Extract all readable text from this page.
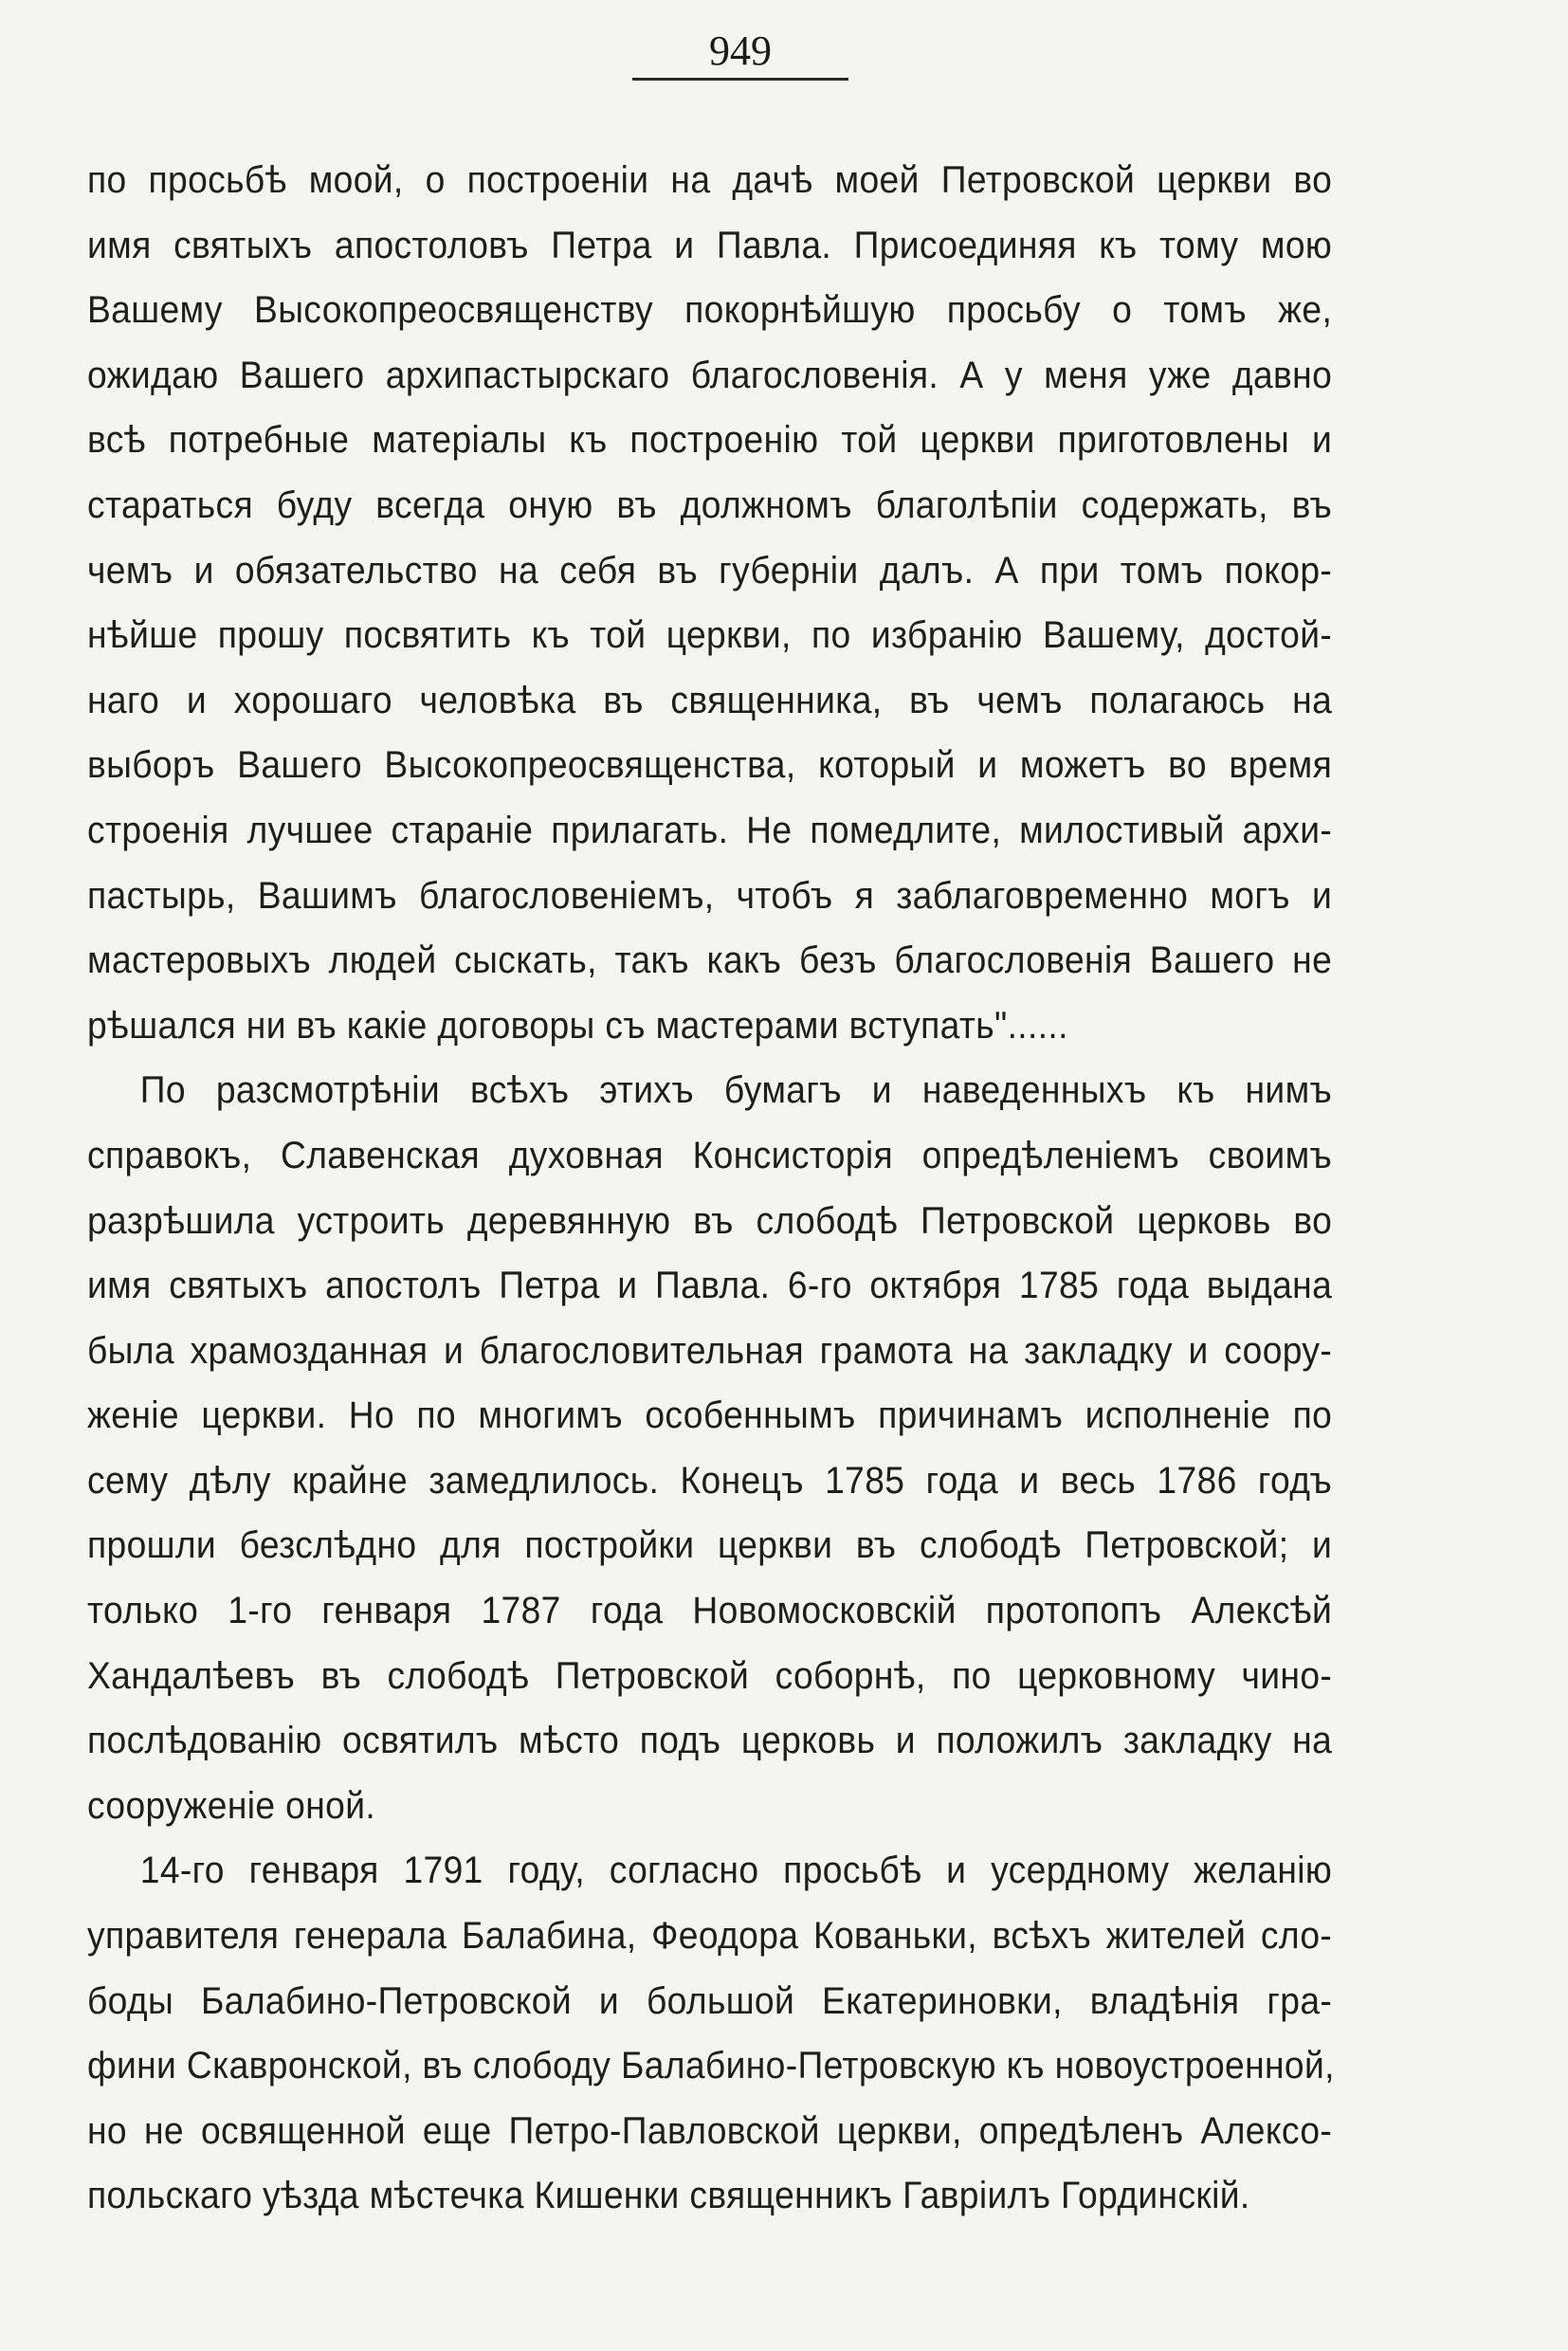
949
по просьбѣ моой, о построеніи на дачѣ моей Петровской церкви во
имя святыхъ апостоловъ Петра и Павла. Присоединяя къ тому мою
Вашему Высокопреосвященству покорнѣйшую просьбу о томъ же,
ожидаю Вашего архипастырскаго благословенія. А у меня уже давно
всѣ потребные матеріалы къ построенію той церкви приготовлены и
стараться буду всегда оную въ должномъ благолѣпіи содержать, въ
чемъ и обязательство на себя въ губерніи далъ. А при томъ покор-
нѣйше прошу посвятить къ той церкви, по избранію Вашему, достой-
наго и хорошаго человѣка въ священника, въ чемъ полагаюсь на
выборъ Вашего Высокопреосвященства, который и можетъ во время
строенія лучшее стараніе прилагать. Не помедлите, милостивый архи-
пастырь, Вашимъ благословеніемъ, чтобъ я заблаговременно могъ и
мастеровыхъ людей сыскать, такъ какъ безъ благословенія Вашего не
рѣшался ни въ какіе договоры съ мастерами вступать"......
По разсмотрѣніи всѣхъ этихъ бумагъ и наведенныхъ къ нимъ
справокъ, Славенская духовная Консисторія опредѣленіемъ своимъ
разрѣшила устроить деревянную въ слободѣ Петровской церковь во
имя святыхъ апостолъ Петра и Павла. 6-го октября 1785 года выдана
была храмозданная и благословительная грамота на закладку и соору-
женіе церкви. Но по многимъ особеннымъ причинамъ исполненіе по
сему дѣлу крайне замедлилось. Конецъ 1785 года и весь 1786 годъ
прошли безслѣдно для постройки церкви въ слободѣ Петровской; и
только 1-го генваря 1787 года Новомосковскій протопопъ Алексѣй
Хандалѣевъ въ слободѣ Петровской соборнѣ, по церковному чино-
послѣдованію освятилъ мѣсто подъ церковь и положилъ закладку на
сооруженіе оной.
14-го генваря 1791 году, согласно просьбѣ и усердному желанію
управителя генерала Балабина, Феодора Кованьки, всѣхъ жителей сло-
боды Балабино-Петровской и большой Екатериновки, владѣнія гра-
фини Скавронской, въ слободу Балабино-Петровскую къ новоустроенной,
но не освященной еще Петро-Павловской церкви, опредѣленъ Алексо-
польскаго уѣзда мѣстечка Кишенки священникъ Гавріилъ Гординскій.
